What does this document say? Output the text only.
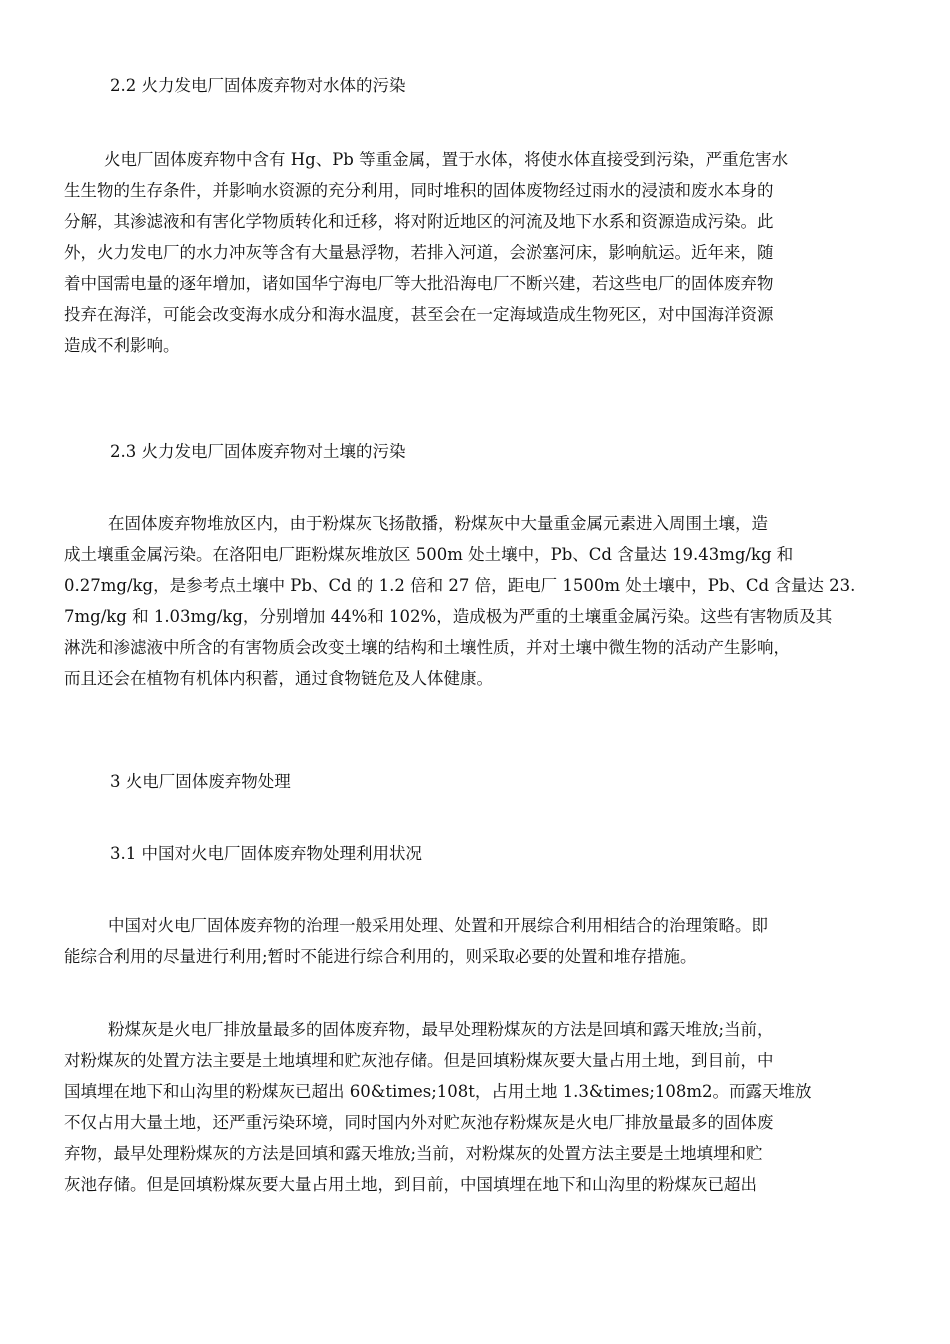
2.2 火力发电厂固体废弃物对水体的污染
火电厂固体废弃物中含有 Hg、Pb 等重金属，置于水体，将使水体直接受到污染，严重危害水
生生物的生存条件，并影响水资源的充分利用，同时堆积的固体废物经过雨水的浸渍和废水本身的
分解，其渗滤液和有害化学物质转化和迁移，将对附近地区的河流及地下水系和资源造成污染。此
外，火力发电厂的水力冲灰等含有大量悬浮物，若排入河道，会淤塞河床，影响航运。近年来，随
着中国需电量的逐年增加，诸如国华宁海电厂等大批沿海电厂不断兴建，若这些电厂的固体废弃物
投弃在海洋，可能会改变海水成分和海水温度，甚至会在一定海域造成生物死区，对中国海洋资源
造成不利影响。
2.3 火力发电厂固体废弃物对土壤的污染
在固体废弃物堆放区内，由于粉煤灰飞扬散播，粉煤灰中大量重金属元素进入周围土壤，造
成土壤重金属污染。在洛阳电厂距粉煤灰堆放区 500m 处土壤中，Pb、Cd 含量达 19.43mg/kg 和
0.27mg/kg，是参考点土壤中 Pb、Cd 的 1.2 倍和 27 倍，距电厂 1500m 处土壤中，Pb、Cd 含量达 23.
7mg/kg 和 1.03mg/kg，分别增加 44%和 102%，造成极为严重的土壤重金属污染。这些有害物质及其
淋洗和渗滤液中所含的有害物质会改变土壤的结构和土壤性质，并对土壤中微生物的活动产生影响，
而且还会在植物有机体内积蓄，通过食物链危及人体健康。
3 火电厂固体废弃物处理
3.1 中国对火电厂固体废弃物处理利用状况
中国对火电厂固体废弃物的治理一般采用处理、处置和开展综合利用相结合的治理策略。即
能综合利用的尽量进行利用;暂时不能进行综合利用的，则采取必要的处置和堆存措施。
粉煤灰是火电厂排放量最多的固体废弃物，最早处理粉煤灰的方法是回填和露天堆放;当前，
对粉煤灰的处置方法主要是土地填埋和贮灰池存储。但是回填粉煤灰要大量占用土地，到目前，中
国填埋在地下和山沟里的粉煤灰已超出 60&times;108t，占用土地 1.3&times;108m2。而露天堆放
不仅占用大量土地，还严重污染环境，同时国内外对贮灰池存粉煤灰是火电厂排放量最多的固体废
弃物，最早处理粉煤灰的方法是回填和露天堆放;当前，对粉煤灰的处置方法主要是土地填埋和贮
灰池存储。但是回填粉煤灰要大量占用土地，到目前，中国填埋在地下和山沟里的粉煤灰已超出
